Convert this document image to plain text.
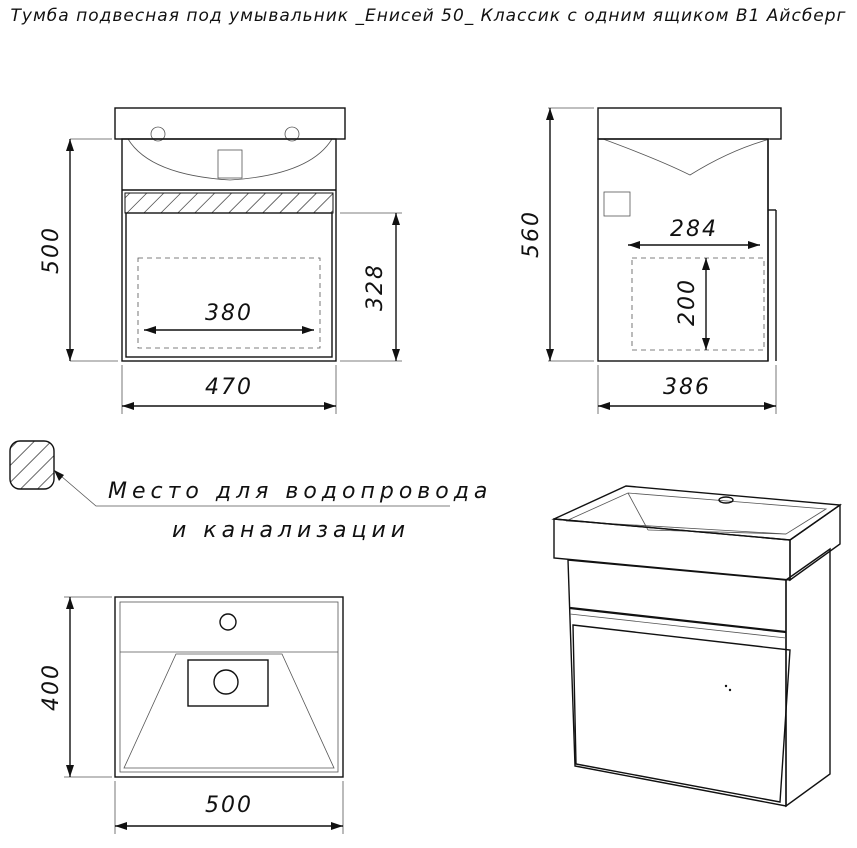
Тумба подвесная под умывальник _Енисей 50_ Классик с одним ящиком В1 Айсберг
500
328
380
470
560	284
200
386
Место для водопровода
и канализации
400
500
